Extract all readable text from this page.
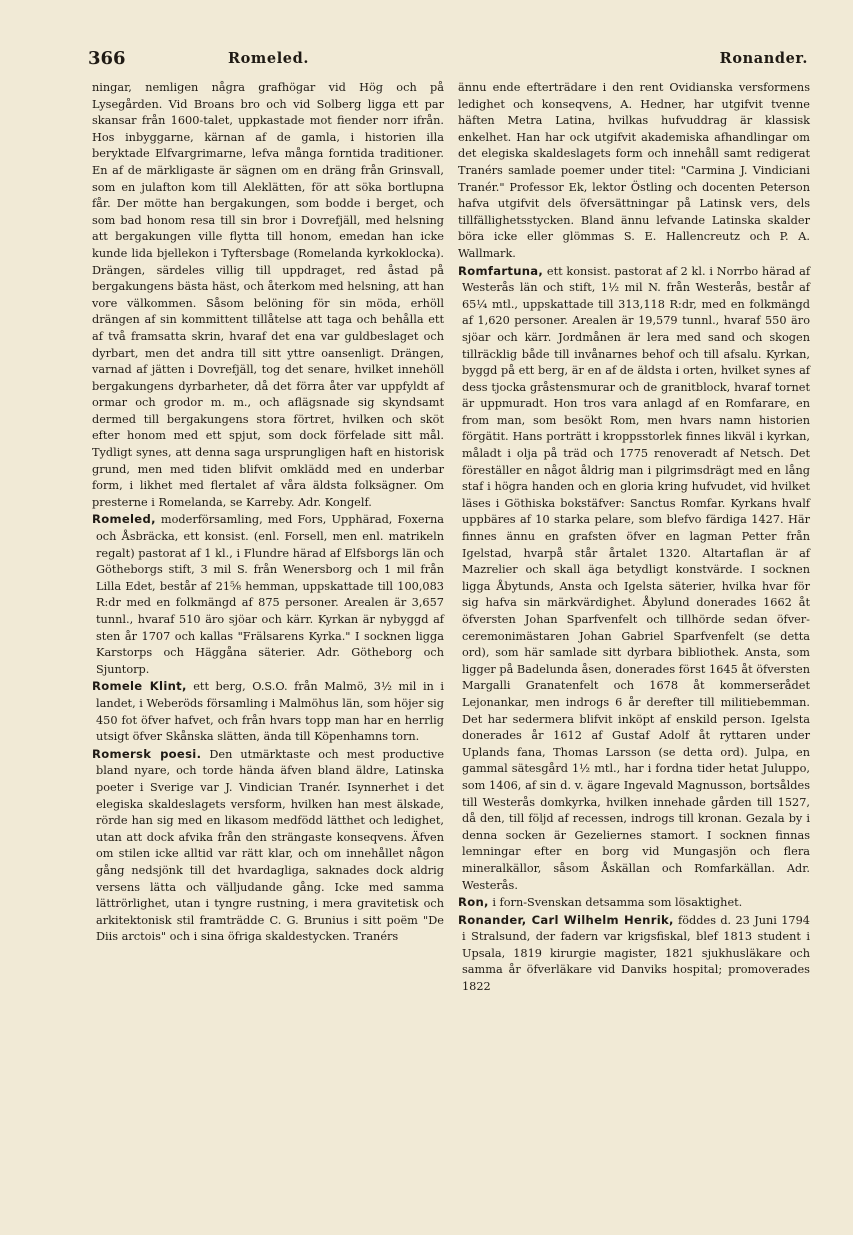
366	Romeled.	Ronander.

ningar, nemligen några grafhögar vid Hög och på Lysegården. Vid Broans bro och vid Solberg ligga ett par skansar från 1600-talet, uppkastade mot fiender norr ifrån. Hos inbyggarne, kärnan af de gamla, i historien illa beryktade Elfvargrimarne, lefva många forntida traditioner. En af de märkligaste är sägnen om en dräng från Grinsvall, som en julafton kom till Aleklätten, för att söka bortlupna får. Der mötte han bergakungen, som bodde i berget, och som bad honom resa till sin bror i Dovrefjäll, med helsning att bergakungen ville flytta till honom, emedan han icke kunde lida bjellekon i Tyftersbage (Romelanda kyrkoklocka). Drängen, särdeles villig till uppdraget, red åstad på bergakungens bästa häst, och återkom med helsning, att han vore välkommen. Såsom belöning för sin möda, erhöll drängen af sin kommittent tillåtelse att taga och behålla ett af två framsatta skrin, hvaraf det ena var guldbeslaget och dyrbart, men det andra till sitt yttre oansenligt. Drängen, varnad af jätten i Dovrefjäll, tog det senare, hvilket innehöll bergakungens dyrbarheter, då det förra åter var uppfyldt af ormar och grodor m. m., och aflägsnade sig skyndsamt dermed till bergakungens stora förtret, hvilken och sköt efter honom med ett spjut, som dock förfelade sitt mål. Tydligt synes, att denna saga ursprungligen haft en historisk grund, men med tiden blifvit omklädd med en underbar form, i likhet med flertalet af våra äldsta folksägner. Om presterne i Romelanda, se Karreby. Adr. Kongelf.

Romeled, moderförsamling, med Fors, Upphärad, Foxerna och Åsbräcka, ett konsist. (enl. Forsell, men enl. matrikeln regalt) pastorat af 1 kl., i Flundre härad af Elfsborgs län och Götheborgs stift, 3 mil S. från Wenersborg och 1 mil från Lilla Edet, består af 21⅝ hemman, uppskattade till 100,083 R:dr med en folkmängd af 875 personer. Arealen är 3,657 tunnl., hvaraf 510 äro sjöar och kärr. Kyrkan är nybyggd af sten år 1707 och kallas "Frälsarens Kyrka." I socknen ligga Karstorps och Häggåna säterier. Adr. Götheborg och Sjuntorp.

Romele Klint, ett berg, O.S.O. från Malmö, 3½ mil in i landet, i Weberöds församling i Malmöhus län, som höjer sig 450 fot öfver hafvet, och från hvars topp man har en herrlig utsigt öfver Skånska slätten, ända till Köpenhamns torn.

Romersk poesi. Den utmärktaste och mest productive bland nyare, och torde hända äfven bland äldre, Latinska poeter i Sverige var J. Vindician Tranér. Isynnerhet i det elegiska skaldeslagets versform, hvilken han mest älskade, rörde han sig med en likasom medfödd lätthet och ledighet, utan att dock afvika från den strängaste konseqvens. Äfven om stilen icke alltid var rätt klar, och om innehållet någon gång nedsjönk till det hvardagliga, saknades dock aldrig versens lätta och välljudande gång. Icke med samma lättrörlighet, utan i tyngre rustning, i mera gravitetisk och arkitektonisk stil framträdde C. G. Brunius i sitt poëm "De Diis arctois" och i sina öfriga skaldestycken. Tranérs

ännu ende efterträdare i den rent Ovidianska versformens ledighet och konseqvens, A. Hedner, har utgifvit tvenne häften Metra Latina, hvilkas hufvuddrag är klassisk enkelhet. Han har ock utgifvit akademiska afhandlingar om det elegiska skaldeslagets form och innehåll samt redigerat Tranérs samlade poemer under titel: "Carmina J. Vindiciani Tranér." Professor Ek, lektor Östling och docenten Peterson hafva utgifvit dels öfversättningar på Latinsk vers, dels tillfällighetsstycken. Bland ännu lefvande Latinska skalder böra icke eller glömmas S. E. Hallencreutz och P. A. Wallmark.

Romfartuna, ett konsist. pastorat af 2 kl. i Norrbo härad af Westerås län och stift, 1½ mil N. från Westerås, består af 65¼ mtl., uppskattade till 313,118 R:dr, med en folkmängd af 1,620 personer. Arealen är 19,579 tunnl., hvaraf 550 äro sjöar och kärr. Jordmånen är lera med sand och skogen tillräcklig både till invånarnes behof och till afsalu. Kyrkan, byggd på ett berg, är en af de äldsta i orten, hvilket synes af dess tjocka gråstensmurar och de granitblock, hvaraf tornet är uppmuradt. Hon tros vara anlagd af en Romfarare, en from man, som besökt Rom, men hvars namn historien förgätit. Hans porträtt i kroppsstorlek finnes likväl i kyrkan, måladt i olja på träd och 1775 renoveradt af Netsch. Det föreställer en något åldrig man i pilgrimsdrägt med en lång staf i högra handen och en gloria kring hufvudet, vid hvilket läses i Göthiska bokstäfver: Sanctus Romfar. Kyrkans hvalf uppbäres af 10 starka pelare, som blefvo färdiga 1427. Här finnes ännu en grafsten öfver en lagman Petter från Igelstad, hvarpå står årtalet 1320. Altartaflan är af Mazrelier och skall äga betydligt konstvärde. I socknen ligga Åbytunds, Ansta och Igelsta säterier, hvilka hvar för sig hafva sin märkvärdighet. Åbylund donerades 1662 åt öfversten Johan Sparfvenfelt och tillhörde sedan öfver-ceremonimästaren Johan Gabriel Sparfvenfelt (se detta ord), som här samlade sitt dyrbara bibliothek. Ansta, som ligger på Badelunda åsen, donerades först 1645 åt öfversten Margalli Granatenfelt och 1678 åt kommerserådet Lejonankar, men indrogs 6 år derefter till militiebemman. Det har sedermera blifvit inköpt af enskild person. Igelsta donerades år 1612 af Gustaf Adolf åt ryttaren under Uplands fana, Thomas Larsson (se detta ord). Julpa, en gammal sätesgård 1½ mtl., har i fordna tider hetat Juluppo, som 1406, af sin d. v. ägare Ingevald Magnusson, bortsåldes till Westerås domkyrka, hvilken innehade gården till 1527, då den, till följd af recessen, indrogs till kronan. Gezala by i denna socken är Gezeliernes stamort. I socknen finnas lemningar efter en borg vid Mungasjön och flera mineralkällor, såsom Åskällan och Romfarkällan. Adr. Westerås.

Ron, i forn-Svenskan detsamma som lösaktighet.

Ronander, Carl Wilhelm Henrik, föddes d. 23 Juni 1794 i Stralsund, der fadern var krigsfiskal, blef 1813 student i Upsala, 1819 kirurgie magister, 1821 sjukhusläkare och samma år öfverläkare vid Danviks hospital; promoverades 1822
